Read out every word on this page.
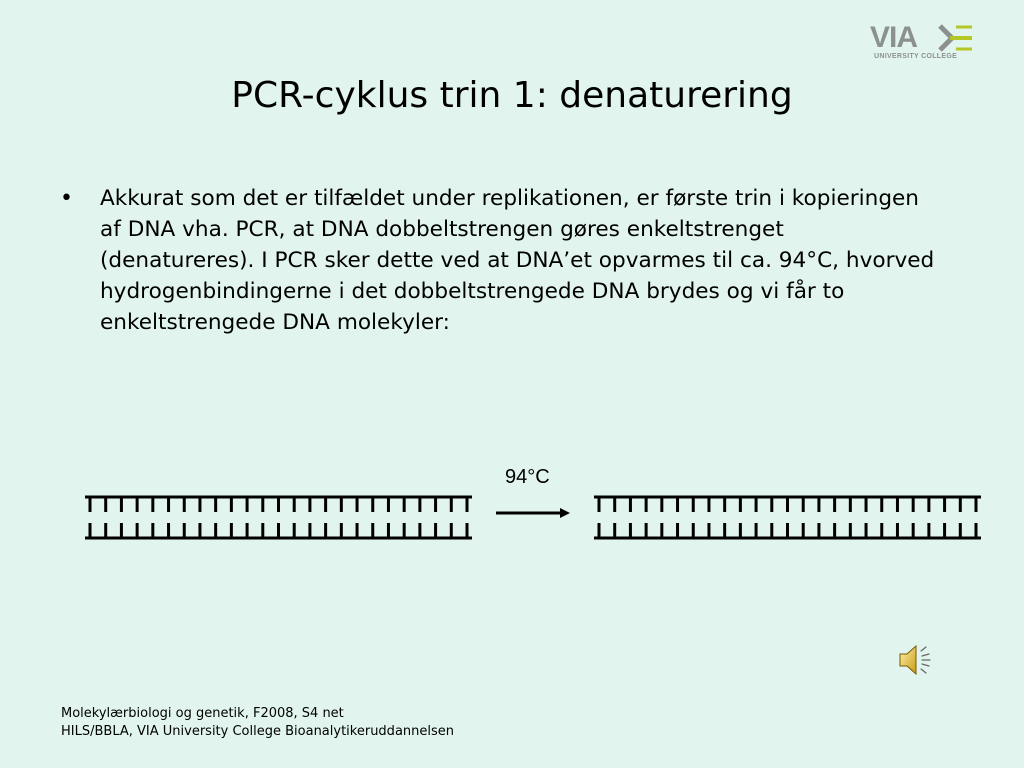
VIA
UNIVERSITY COLLEGE
PCR-cyklus trin 1: denaturering
• Akkurat som det er tilfældet under replikationen, er første trin i kopieringen af DNA vha. PCR, at DNA dobbeltstrengen gøres enkeltstrenget (denatureres). I PCR sker dette ved at DNA’et opvarmes til ca. 94°C, hvorved hydrogenbindingerne i det dobbeltstrengede DNA brydes og vi får to enkeltstrengede DNA molekyler:
94°C
Molekylærbiologi og genetik, F2008, S4 net
HILS/BBLA, VIA University College Bioanalytikeruddannelsen
